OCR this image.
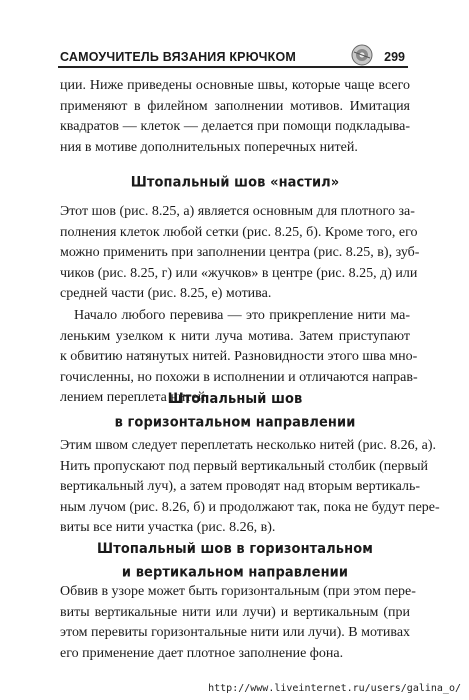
САМОУЧИТЕЛЬ ВЯЗАНИЯ КРЮЧКОМ	299
ции. Ниже приведены основные швы, которые чаще всего
применяют в филейном заполнении мотивов. Имитация
квадратов — клеток — делается при помощи подкладыва-
ния в мотиве дополнительных поперечных нитей.
Штопальный шов «настил»
Этот шов (рис. 8.25, а) является основным для плотного за-
полнения клеток любой сетки (рис. 8.25, б). Кроме того, его
можно применить при заполнении центра (рис. 8.25, в), зуб-
чиков (рис. 8.25, г) или «жучков» в центре (рис. 8.25, д) или
средней части (рис. 8.25, е) мотива.
Начало любого перевива — это прикрепление нити ма-
леньким узелком к нити луча мотива. Затем приступают
к обвитию натянутых нитей. Разновидности этого шва мно-
гочисленны, но похожи в исполнении и отличаются направ-
лением переплета нитей.
Штопальный шов
в горизонтальном направлении
Этим швом следует переплетать несколько нитей (рис. 8.26, а).
Нить пропускают под первый вертикальный столбик (первый
вертикальный луч), а затем проводят над вторым вертикаль-
ным лучом (рис. 8.26, б) и продолжают так, пока не будут пере-
виты все нити участка (рис. 8.26, в).
Штопальный шов в горизонтальном
и вертикальном направлении
Обвив в узоре может быть горизонтальным (при этом пере-
виты вертикальные нити или лучи) и вертикальным (при
этом перевиты горизонтальные нити или лучи). В мотивах
его применение дает плотное заполнение фона.
http://www.liveinternet.ru/users/galina_o/
